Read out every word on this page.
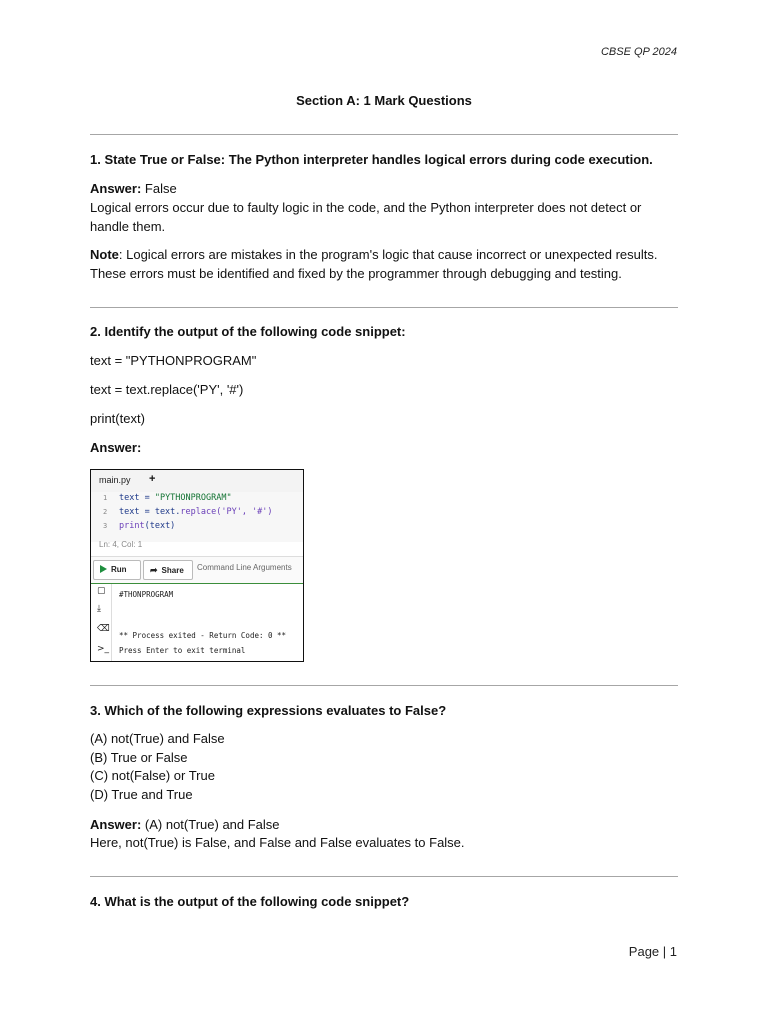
CBSE QP 2024
Section A: 1 Mark Questions
1. State True or False: The Python interpreter handles logical errors during code execution.
Answer: False
Logical errors occur due to faulty logic in the code, and the Python interpreter does not detect or handle them.
Note: Logical errors are mistakes in the program's logic that cause incorrect or unexpected results. These errors must be identified and fixed by the programmer through debugging and testing.
2. Identify the output of the following code snippet:
text = "PYTHONPROGRAM"
text = text.replace('PY', '#')
print(text)
Answer:
main.py +

1

text = "PYTHONPROGRAM"

2

text = text.replace('PY', '#')

3

print(text)

Ln: 4, Col: 1
Run	➦ Share	Command Line Arguments
▢
⤓
⌫
>_
#THONPROGRAM
** Process exited - Return Code: 0 **
Press Enter to exit terminal
3. Which of the following expressions evaluates to False?
(A) not(True) and False
(B) True or False
(C) not(False) or True
(D) True and True
Answer: (A) not(True) and False
Here, not(True) is False, and False and False evaluates to False.
4. What is the output of the following code snippet?
Page | 1
